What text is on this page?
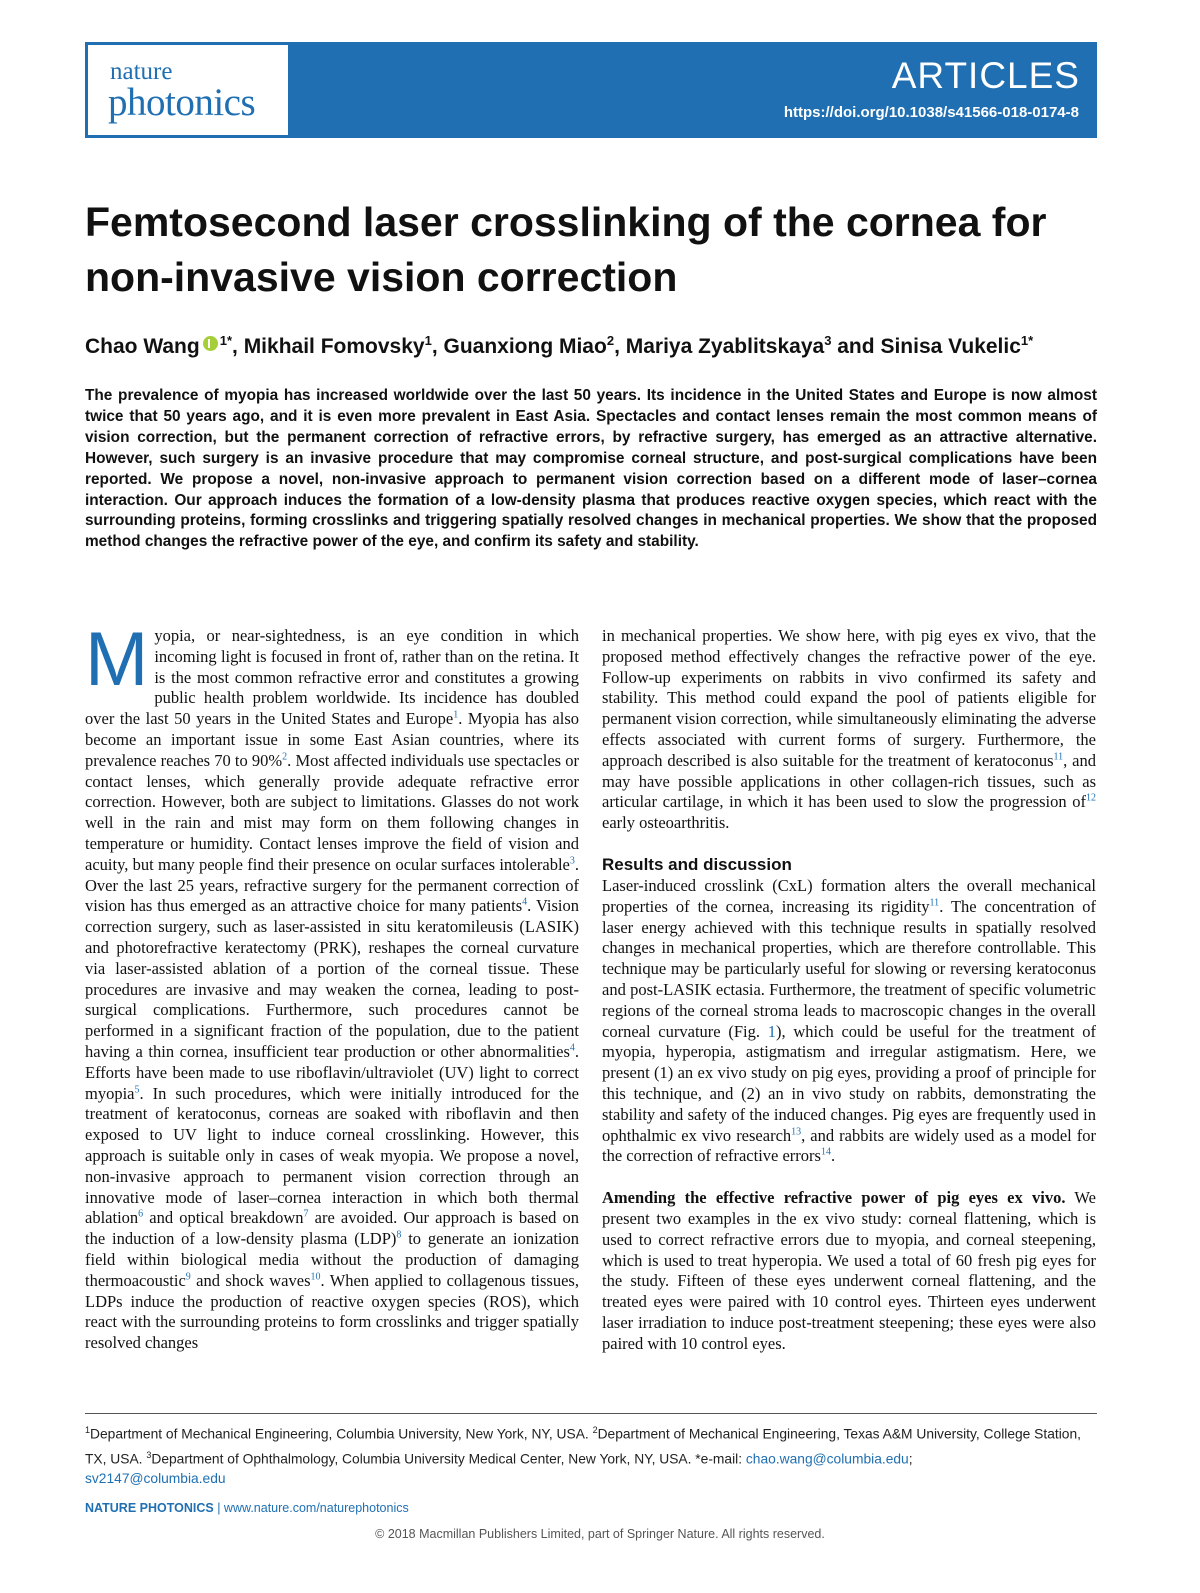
nature
photonics
ARTICLES
https://doi.org/10.1038/s41566-018-0174-8
Femtosecond laser crosslinking of the cornea for non-invasive vision correction
Chao Wang $^{1*}$, Mikhail Fomovsky$^1$, Guanxiong Miao$^2$, Mariya Zyablitskaya$^3$ and Sinisa Vukelic$^{1*}$

The prevalence of myopia has increased worldwide over the last 50 years. Its incidence in the United States and Europe is now almost twice that 50 years ago, and it is even more prevalent in East Asia. Spectacles and contact lenses remain the most common means of vision correction, but the permanent correction of refractive errors, by refractive surgery, has emerged as an attractive alternative. However, such surgery is an invasive procedure that may compromise corneal structure, and post-surgical complications have been reported. We propose a novel, non-invasive approach to permanent vision correction based on a different mode of laser–cornea interaction. Our approach induces the formation of a low-density plasma that produces reactive oxygen species, which react with the surrounding proteins, forming crosslinks and triggering spatially resolved changes in mechanical properties. We show that the proposed method changes the refractive power of the eye, and confirm its safety and stability.

Myopia, or near-sightedness, is an eye condition in which incoming light is focused in front of, rather than on the retina. It is the most common refractive error and constitutes a growing public health problem worldwide. Its incidence has doubled over the last 50 years in the United States and Europe$^1$. Myopia has also become an important issue in some East Asian countries, where its prevalence reaches 70 to 90%$^2$. Most affected individuals use spectacles or contact lenses, which generally provide adequate refractive error correction. However, both are subject to limitations. Glasses do not work well in the rain and mist may form on them following changes in temperature or humidity. Contact lenses improve the field of vision and acuity, but many people find their presence on ocular surfaces intolerable$^3$. Over the last 25 years, refractive surgery for the permanent correction of vision has thus emerged as an attractive choice for many patients$^4$. Vision correction surgery, such as laser-assisted in situ keratomileusis (LASIK) and photorefractive keratectomy (PRK), reshapes the corneal curvature via laser-assisted ablation of a portion of the corneal tissue. These procedures are invasive and may weaken the cornea, leading to post-surgical complications. Furthermore, such procedures cannot be performed in a significant fraction of the population, due to the patient having a thin cornea, insufficient tear production or other abnormalities$^4$. Efforts have been made to use riboflavin/ultraviolet (UV) light to correct myopia$^5$. In such procedures, which were initially introduced for the treatment of keratoconus, corneas are soaked with riboflavin and then exposed to UV light to induce corneal crosslinking. However, this approach is suitable only in cases of weak myopia. We propose a novel, non-invasive approach to permanent vision correction through an innovative mode of laser–cornea interaction in which both thermal ablation$^6$ and optical breakdown$^7$ are avoided. Our approach is based on the induction of a low-density plasma (LDP)$^8$ to generate an ionization field within biological media without the production of damaging thermoacoustic$^9$ and shock waves$^{10}$. When applied to collagenous tissues, LDPs induce the production of reactive oxygen species (ROS), which react with the surrounding proteins to form crosslinks and trigger spatially resolved changes

in mechanical properties. We show here, with pig eyes ex vivo, that the proposed method effectively changes the refractive power of the eye. Follow-up experiments on rabbits in vivo confirmed its safety and stability. This method could expand the pool of patients eligible for permanent vision correction, while simultaneously eliminating the adverse effects associated with current forms of surgery. Furthermore, the approach described is also suitable for the treatment of keratoconus$^{11}$, and may have possible applications in other collagen-rich tissues, such as articular cartilage, in which it has been used to slow the progression of$^{12}$ early osteoarthritis.

Results and discussion

Laser-induced crosslink (CxL) formation alters the overall mechanical properties of the cornea, increasing its rigidity$^{11}$. The concentration of laser energy achieved with this technique results in spatially resolved changes in mechanical properties, which are therefore controllable. This technique may be particularly useful for slowing or reversing keratoconus and post-LASIK ectasia. Furthermore, the treatment of specific volumetric regions of the corneal stroma leads to macroscopic changes in the overall corneal curvature (Fig. 1), which could be useful for the treatment of myopia, hyperopia, astigmatism and irregular astigmatism. Here, we present (1) an ex vivo study on pig eyes, providing a proof of principle for this technique, and (2) an in vivo study on rabbits, demonstrating the stability and safety of the induced changes. Pig eyes are frequently used in ophthalmic ex vivo research$^{13}$, and rabbits are widely used as a model for the correction of refractive errors$^{14}$.

Amending the effective refractive power of pig eyes ex vivo. We present two examples in the ex vivo study: corneal flattening, which is used to correct refractive errors due to myopia, and corneal steepening, which is used to treat hyperopia. We used a total of 60 fresh pig eyes for the study. Fifteen of these eyes underwent corneal flattening, and the treated eyes were paired with 10 control eyes. Thirteen eyes underwent laser irradiation to induce post-treatment steepening; these eyes were also paired with 10 control eyes.

$^1$Department of Mechanical Engineering, Columbia University, New York, NY, USA. $^2$Department of Mechanical Engineering, Texas A&M University, College Station, TX, USA. $^3$Department of Ophthalmology, Columbia University Medical Center, New York, NY, USA. *e-mail: chao.wang@columbia.edu;
sv2147@columbia.edu
NATURE PHOTONICS | www.nature.com/naturephotonics
© 2018 Macmillan Publishers Limited, part of Springer Nature. All rights reserved.
